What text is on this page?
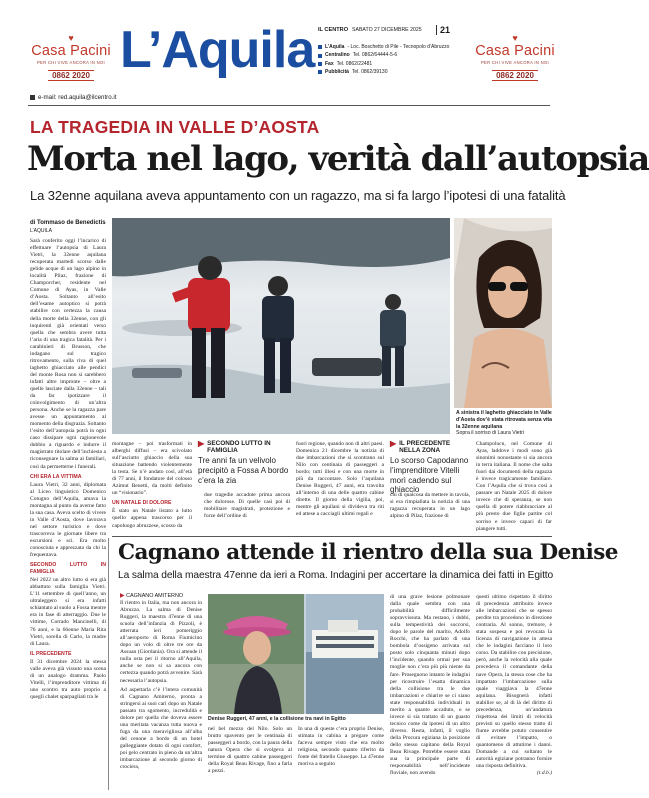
♥
Casa Pacini
PER CHI VIVE ANCORA IN NOI
0862 2020 L’Aquila IL CENTRO SABATO 27 DICEMBRE 2025	21
L’Aquila - Loc. Boschetto di Pile - Tecnopolo d’Abruzzo
Centralino Tel. 0862/64444-5-6
Fax Tel. 0862/22481
Pubblicità Tel. 0862/39130
♥
Casa Pacini
PER CHI VIVE ANCORA IN NOI
0862 2020
e-mail: red.aquila@ilcentro.it
LA TRAGEDIA IN VALLE D’AOSTA
Morta nel lago, verità dall’autopsia
La 32enne aquilana aveva appuntamento con un ragazzo, ma si fa largo l’ipotesi di una fatalità
di Tommaso de Benedictis
L’AQUILA

Sarà conferito oggi l’incarico di effettuare l’autopsia di Laura Vietri, la 32enne aquilana recuperata martedì scorso dalle gelide acque di un lago alpino in località Pilaz, frazione di Champorcher, residente nel Comune di Ayas, in Valle d’Aosta. Soltanto all’esito dell’esame autoptico si potrà stabilire con certezza la causa della morte della 32enne, con gli inquirenti già orientati verso quella che sembra avere tutta l’aria di una tragica fatalità. Per i carabinieri di Brusson, che indagano sul tragico ritrovamento, sulla riva di quel laghetto ghiacciato alle pendici del monte Rosa non si sarebbero infatti altre impronte – oltre a quelle lasciate dalla 32enne – tali da far ipotizzare il coinvolgimento di un’altra persona. Anche se la ragazza pare avesse un appuntamento al momento della disgrazia. Soltanto l’esito dell’autopsia potrà in ogni caso dissipare ogni ragionevole dubbio a riguardo e indurre il magistrato titolare dell’inchiesta a riconsegnare la salma ai familiari, così da permetterne i funerali.

CHI ERA LA VITTIMA

Laura Vietri, 32 anni, diplomata al Liceo linguistico Domenico Cotugno dell’Aquila, amava la montagna al punto da averne fatto la sua casa. Aveva scelto di vivere in Valle d’Aosta, dove lavorava nel settore turistico e dove trascorreva le giornate libere tra escursioni e sci. Era molto conosciuta e apprezzata da chi la frequentava.

SECONDO LUTTO IN FAMIGLIA

Nel 2022 un altro lutto si era già abbattuto sulla famiglia Vietri. L’11 settembre di quell’anno, un ultraleggero si era infatti schiantato al suolo a Fossa mentre era in fase di atterraggio. Due le vittime, Corrado Mancinelli, di 76 anni, e la 66enne Maria Rita Vietri, sorella di Carlo, la madre di Laura.

IL PRECEDENTE

Il 31 dicembre 2024 la stessa valle aveva già vissuto una scena di un analogo dramma. Paolo Vitelli, l’imprenditore vittima di uno scontro tra auto proprio a quegli chalet sparpagliati tra le

A sinistra il laghetto ghiacciato in Valle d’Aosta dov’è stata ritrovata senza vita la 32enne aquilana
Sopra il sorriso di Laura Vietri

montagne – poi trasformati in alberghi diffusi – era scivolato sull’asciutto ghiaccio della sua situazione battendo violentemente la testa. Se n’è andato così, all’età di 77 anni, il fondatore del colosso Azimut Benetti, da molti definito un “visionario”.

UN NATALE DI DOLORE

È stato un Natale listato a lutto quello appena trascorso per il capoluogo abruzzese, scosso da

▶ SECONDO LUTTO IN FAMIGLIA
Tre anni fa un velivolo precipitò a Fossa A bordo c’era la zia

due tragedie accadute prima ancora che dolorose. Di quelle casi poi di mobilitare magistrati, protezione e forze dell’ordine di

fuori regione, quando non di altri paesi. Domenica 21 dicembre la notizia di due imbarcazioni che si scontrano sul Nilo con centinaia di passeggeri a bordo; tutti illesi e con una morte in più da raccontare. Solo l’aquilana Denise Ruggeri, 47 anni, era travolta all’interno di una delle quattro cabine dirette. Il giorno della vigilia, poi, mentre gli aquilani si divideva tra riti ed attese a cacciagli ultimi regali e

▶ IL PRECEDENTE NELLA ZONA
Lo scorso Capodanno l’imprenditore Vitelli morì cadendo sul ghiaccio

chi di qualcosa da mettere in tavola, si era rimpiallata la notizia di una ragazza recuperata in un lago alpino di Pilaz, frazione di

Champolucn, nel Comune di Ayas, laddove i modi sono già sinonimi nonostante si sia ancora in terra italiana. Il nome che salta fuori dai documenti della ragazza è invece tragicamente familiare. Con l’Aquila che si trova così a passare un Natale 2025 di dolore invece che di speranza, se non quella di potere riabbracciare al più presto due figlie partite col sorriso e invece capaci di far piangere tutti.

Cagnano attende il rientro della sua Denise
La salma della maestra 47enne da ieri a Roma. Indagini per accertare la dinamica dei fatti in Egitto
▶ CAGNANO AMITERNO

Il rientro in Italia, ma non ancora in Abruzzo. La salma di Denise Ruggeri, la maestra 47enne di una scuola dell’infanzia di Pizzoli, è atterrata ieri pomeriggio all’aeroporto di Roma Fiumicino dopo un volo di oltre tre ore da Assuan (Giordania). Ora si attende il nulla osta per il ritorno all’Aquila, anche se non si sa ancora con certezza quando potrà avvenire. Sarà necessaria l’autopsia.

Ad aspettarla c’è l’intera comunità di Cagnano Amiterno, pronta a stringersi ai suoi cari dopo un Natale passato tra sgomento, incredulità e dolore per quella che doveva essere una meritata vacanza tutta nuova e fuga da una meravigliosa all’alba del cenone a bordo di un hotel galleggiante dotato di ogni comfort, poi gelo centrato in pieno da un’altra imbarcazione al secondo giorno di crociera,

Denise Ruggeri, 47 anni, e la collisione tra navi in Egitto

nel bel mezzo del Nilo. Solo un brutto spavento per le centinaia di passeggeri a bordo, con la paura della natura Opera che si svolgeva al termine di quattro cabine passeggeri della Royal Beau Rivage, fino a farla a pezzi.

In una di queste c’era proprio Denise, stimata in cabina a pregare come faceva sempre visto che era molto religiosa, secondo quanto riferito da fonte del fratello Giuseppe. La 47enne moriva a seguito

di una grave lesione polmonare dalla quale sembra con una probabilità difficilmente sopravvissuta. Ma restano, i dubbi, sulla tempestività dei soccorsi, dopo le parole del marito, Adolfo Rocchi, che ha parlato di una bombola d’ossigeno arrivata sul posto solo cinquanta minuti dopo l’incidente, quando ormai per sua moglie non c’era più più niente da fare. Proseguono intanto le indagini per ricostruire l’esatta dinamica della collisione tra le due imbarcazioni e chiarire se ci siano state responsabilità individuali in merito a quanto accaduto, o se invece si sia trattato di un guasto tecnico come da ipotesi di un altro diverso. Resta, infatti, il voglio della Procura egiziana la posizione dello stesso capitano della Royal Beau Rivage. Potrebbe essere stata sua la principale parte di responsabilità nell’incidente fluviale, non avendo

questi ultimo rispettato il diritto di precedenza attribuito invece alle imbarcazioni che se spesso perdite tra procedono in direzione contraria. Al sonno, tremore, è stata sospesa e poi revocata la licenza di navigazione in attesa che le indagini facciano il loro corso. Da stabilire con precisione, però, anche la velocità alla quale procedeva il comandante della nave Opera, la stessa cose che ha impattato l’imbarcazione sulla quale viaggiava la 47enne aquilana. Bisognerà infatti stabilire se, al di là del diritto di precedenza, un’andatura rispettosa dei limiti di velocità previsti su quello stesso tratto di fiume avrebbe potuto consentire di evitare l’impatto, o quantomeno di attutirne i danni. Domande a cui soltanto le autorità egiziane potranno fornire una risposta definitiva.

(t.d.b.)
